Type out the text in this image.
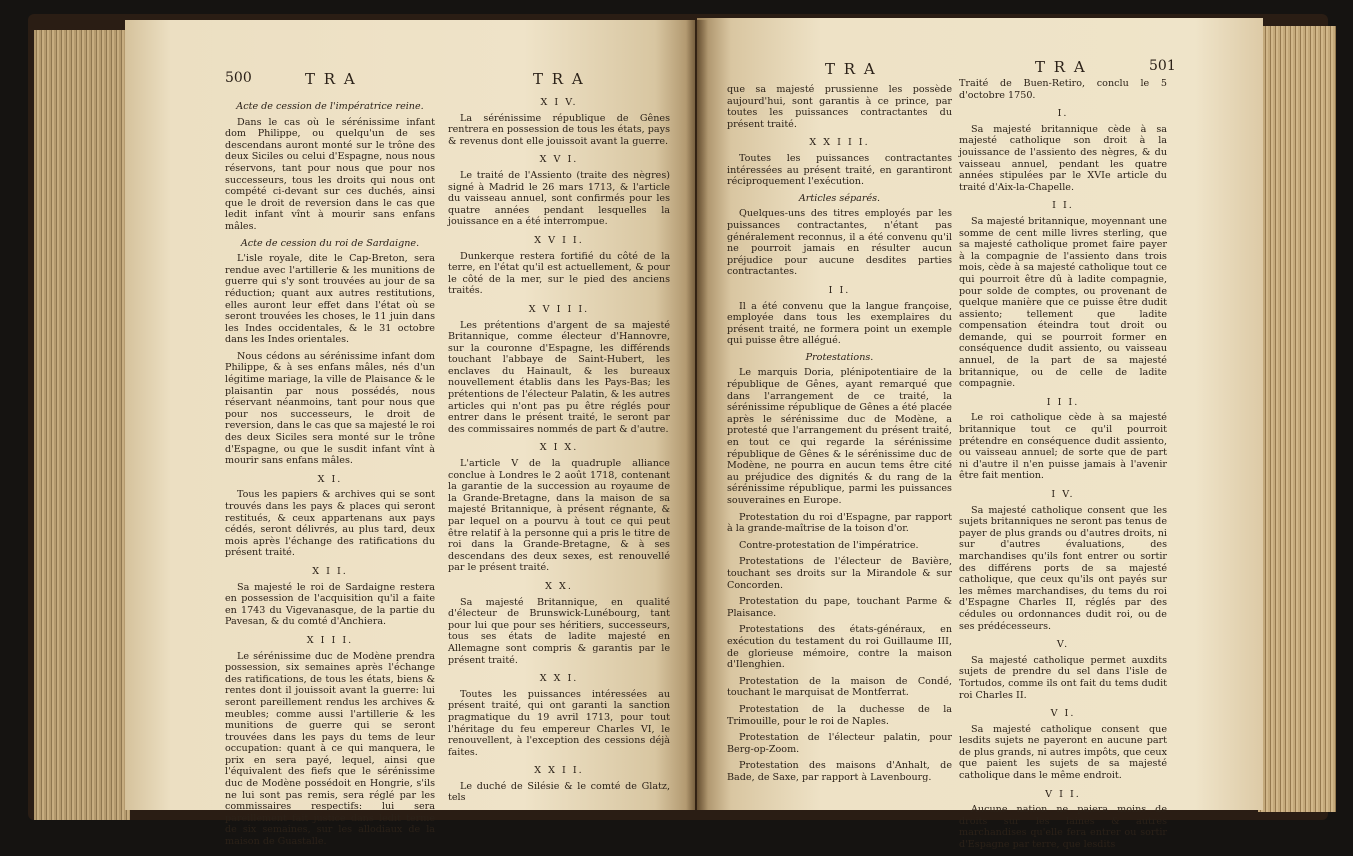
500	T R A	T R A

Acte de cession de l'impératrice reine.

Dans le cas où le sérénissime infant dom Philippe, ou quelqu'un de ses descendans auront monté sur le trône des deux Siciles ou celui d'Espagne, nous nous réservons, tant pour nous que pour nos successeurs, tous les droits qui nous ont compété ci-devant sur ces duchés, ainsi que le droit de reversion dans le cas que ledit infant vînt à mourir sans enfans mâles.

Acte de cession du roi de Sardaigne.

L'isle royale, dite le Cap-Breton, sera rendue avec l'artillerie & les munitions de guerre qui s'y sont trouvées au jour de sa réduction; quant aux autres restitutions, elles auront leur effet dans l'état où se seront trouvées les choses, le 11 juin dans les Indes occidentales, & le 31 octobre dans les Indes orientales.

Nous cédons au sérénissime infant dom Philippe, & à ses enfans mâles, nés d'un légitime mariage, la ville de Plaisance & le plaisantin par nous possédés, nous réservant néanmoins, tant pour nous que pour nos successeurs, le droit de reversion, dans le cas que sa majesté le roi des deux Siciles sera monté sur le trône d'Espagne, ou que le susdit infant vînt à mourir sans enfans mâles.

X I.

Tous les papiers & archives qui se sont trouvés dans les pays & places qui seront restitués, & ceux appartenans aux pays cédés, seront délivrés, au plus tard, deux mois après l'échange des ratifications du présent traité.

X I I.

Sa majesté le roi de Sardaigne restera en possession de l'acquisition qu'il a faite en 1743 du Vigevanasque, de la partie du Pavesan, & du comté d'Anchiera.

X I I I.

Le sérénissime duc de Modène prendra possession, six semaines après l'échange des ratifications, de tous les états, biens & rentes dont il jouissoit avant la guerre: lui seront pareillement rendus les archives & meubles; comme aussi l'artillerie & les munitions de guerre qui se seront trouvées dans les pays du tems de leur occupation: quant à ce qui manquera, le prix en sera payé, lequel, ainsi que l'équivalent des fiefs que le sérénissime duc de Modène possédoit en Hongrie, s'ils ne lui sont pas remis, sera réglé par les commissaires respectifs: lui sera pareillement fait justice dans ledit terme de six semaines, sur les allodiaux de la maison de Guastalle.

X I V.

La sérénissime république de Gênes rentrera en possession de tous les états, pays & revenus dont elle jouissoit avant la guerre.

X V I.

Le traité de l'Assiento (traite des nègres) signé à Madrid le 26 mars 1713, & l'article du vaisseau annuel, sont confirmés pour les quatre années pendant lesquelles la jouissance en a été interrompue.

X V I I.

Dunkerque restera fortifié du côté de la terre, en l'état qu'il est actuellement, & pour le côté de la mer, sur le pied des anciens traités.

X V I I I.

Les prétentions d'argent de sa majesté Britannique, comme électeur d'Hannovre, sur la couronne d'Espagne, les différends touchant l'abbaye de Saint-Hubert, les enclaves du Hainault, & les bureaux nouvellement établis dans les Pays-Bas; les prétentions de l'électeur Palatin, & les autres articles qui n'ont pas pu être réglés pour entrer dans le présent traité, le seront par des commissaires nommés de part & d'autre.

X I X.

L'article V de la quadruple alliance conclue à Londres le 2 août 1718, contenant la garantie de la succession au royaume de la Grande-Bretagne, dans la maison de sa majesté Britannique, à présent régnante, & par lequel on a pourvu à tout ce qui peut être relatif à la personne qui a pris le titre de roi dans la Grande-Bretagne, & à ses descendans des deux sexes, est renouvellé par le présent traité.

X X.

Sa majesté Britannique, en qualité d'électeur de Brunswick-Lunébourg, tant pour lui que pour ses héritiers, successeurs, tous ses états de ladite majesté en Allemagne sont compris & garantis par le présent traité.

X X I.

Toutes les puissances intéressées au présent traité, qui ont garanti la sanction pragmatique du 19 avril 1713, pour tout l'héritage du feu empereur Charles VI, le renouvellent, à l'exception des cessions déjà faites.

X X I I.

Le duché de Silésie & le comté de Glatz, tels

T R A	T R A	501

que sa majesté prussienne les possède aujourd'hui, sont garantis à ce prince, par toutes les puissances contractantes du présent traité.

X X I I I.

Toutes les puissances contractantes intéressées au présent traité, en garantiront réciproquement l'exécution.

Articles séparés.

Quelques-uns des titres employés par les puissances contractantes, n'étant pas généralement reconnus, il a été convenu qu'il ne pourroit jamais en résulter aucun préjudice pour aucune desdites parties contractantes.

I I.

Il a été convenu que la langue françoise, employée dans tous les exemplaires du présent traité, ne formera point un exemple qui puisse être allégué.

Protestations.

Le marquis Doria, plénipotentiaire de la république de Gênes, ayant remarqué que dans l'arrangement de ce traité, la sérénissime république de Gênes a été placée après le sérénissime duc de Modène, a protesté que l'arrangement du présent traité, en tout ce qui regarde la sérénissime république de Gênes & le sérénissime duc de Modène, ne pourra en aucun tems être cité au préjudice des dignités & du rang de la sérénissime république, parmi les puissances souveraines en Europe.

Protestation du roi d'Espagne, par rapport à la grande-maîtrise de la toison d'or.

Contre-protestation de l'impératrice.

Protestations de l'électeur de Bavière, touchant ses droits sur la Mirandole & sur Concorden.

Protestation du pape, touchant Parme & Plaisance.

Protestations des états-généraux, en exécution du testament du roi Guillaume III, de glorieuse mémoire, contre la maison d'Ilenghien.

Protestation de la maison de Condé, touchant le marquisat de Montferrat.

Protestation de la duchesse de la Trimouille, pour le roi de Naples.

Protestation de l'électeur palatin, pour Berg-op-Zoom.

Protestation des maisons d'Anhalt, de Bade, de Saxe, par rapport à Lavenbourg.

Traité de Buen-Retiro, conclu le 5 d'octobre 1750.

I.

Sa majesté britannique cède à sa majesté catholique son droit à la jouissance de l'assiento des nègres, & du vaisseau annuel, pendant les quatre années stipulées par le XVIe article du traité d'Aix-la-Chapelle.

I I.

Sa majesté britannique, moyennant une somme de cent mille livres sterling, que sa majesté catholique promet faire payer à la compagnie de l'assiento dans trois mois, cède à sa majesté catholique tout ce qui pourroit être dû à ladite compagnie, pour solde de comptes, ou provenant de quelque manière que ce puisse être dudit assiento; tellement que ladite compensation éteindra tout droit ou demande, qui se pourroit former en conséquence dudit assiento, ou vaisseau annuel, de la part de sa majesté britannique, ou de celle de ladite compagnie.

I I I.

Le roi catholique cède à sa majesté britannique tout ce qu'il pourroit prétendre en conséquence dudit assiento, ou vaisseau annuel; de sorte que de part ni d'autre il n'en puisse jamais à l'avenir être fait mention.

I V.

Sa majesté catholique consent que les sujets britanniques ne seront pas tenus de payer de plus grands ou d'autres droits, ni sur d'autres évaluations, des marchandises qu'ils font entrer ou sortir des différens ports de sa majesté catholique, que ceux qu'ils ont payés sur les mêmes marchandises, du tems du roi d'Espagne Charles II, réglés par des cédules ou ordonnances dudit roi, ou de ses prédécesseurs.

V.

Sa majesté catholique permet auxdits sujets de prendre du sel dans l'isle de Tortudos, comme ils ont fait du tems dudit roi Charles II.

V I.

Sa majesté catholique consent que lesdits sujets ne payeront en aucune part de plus grands, ni autres impôts, que ceux que paient les sujets de sa majesté catholique dans le même endroit.

V I I.

Aucune nation ne paiera moins de droits sur les laines & autres marchandises qu'elle fera entrer ou sortir d'Espagne par terre, que lesdits
